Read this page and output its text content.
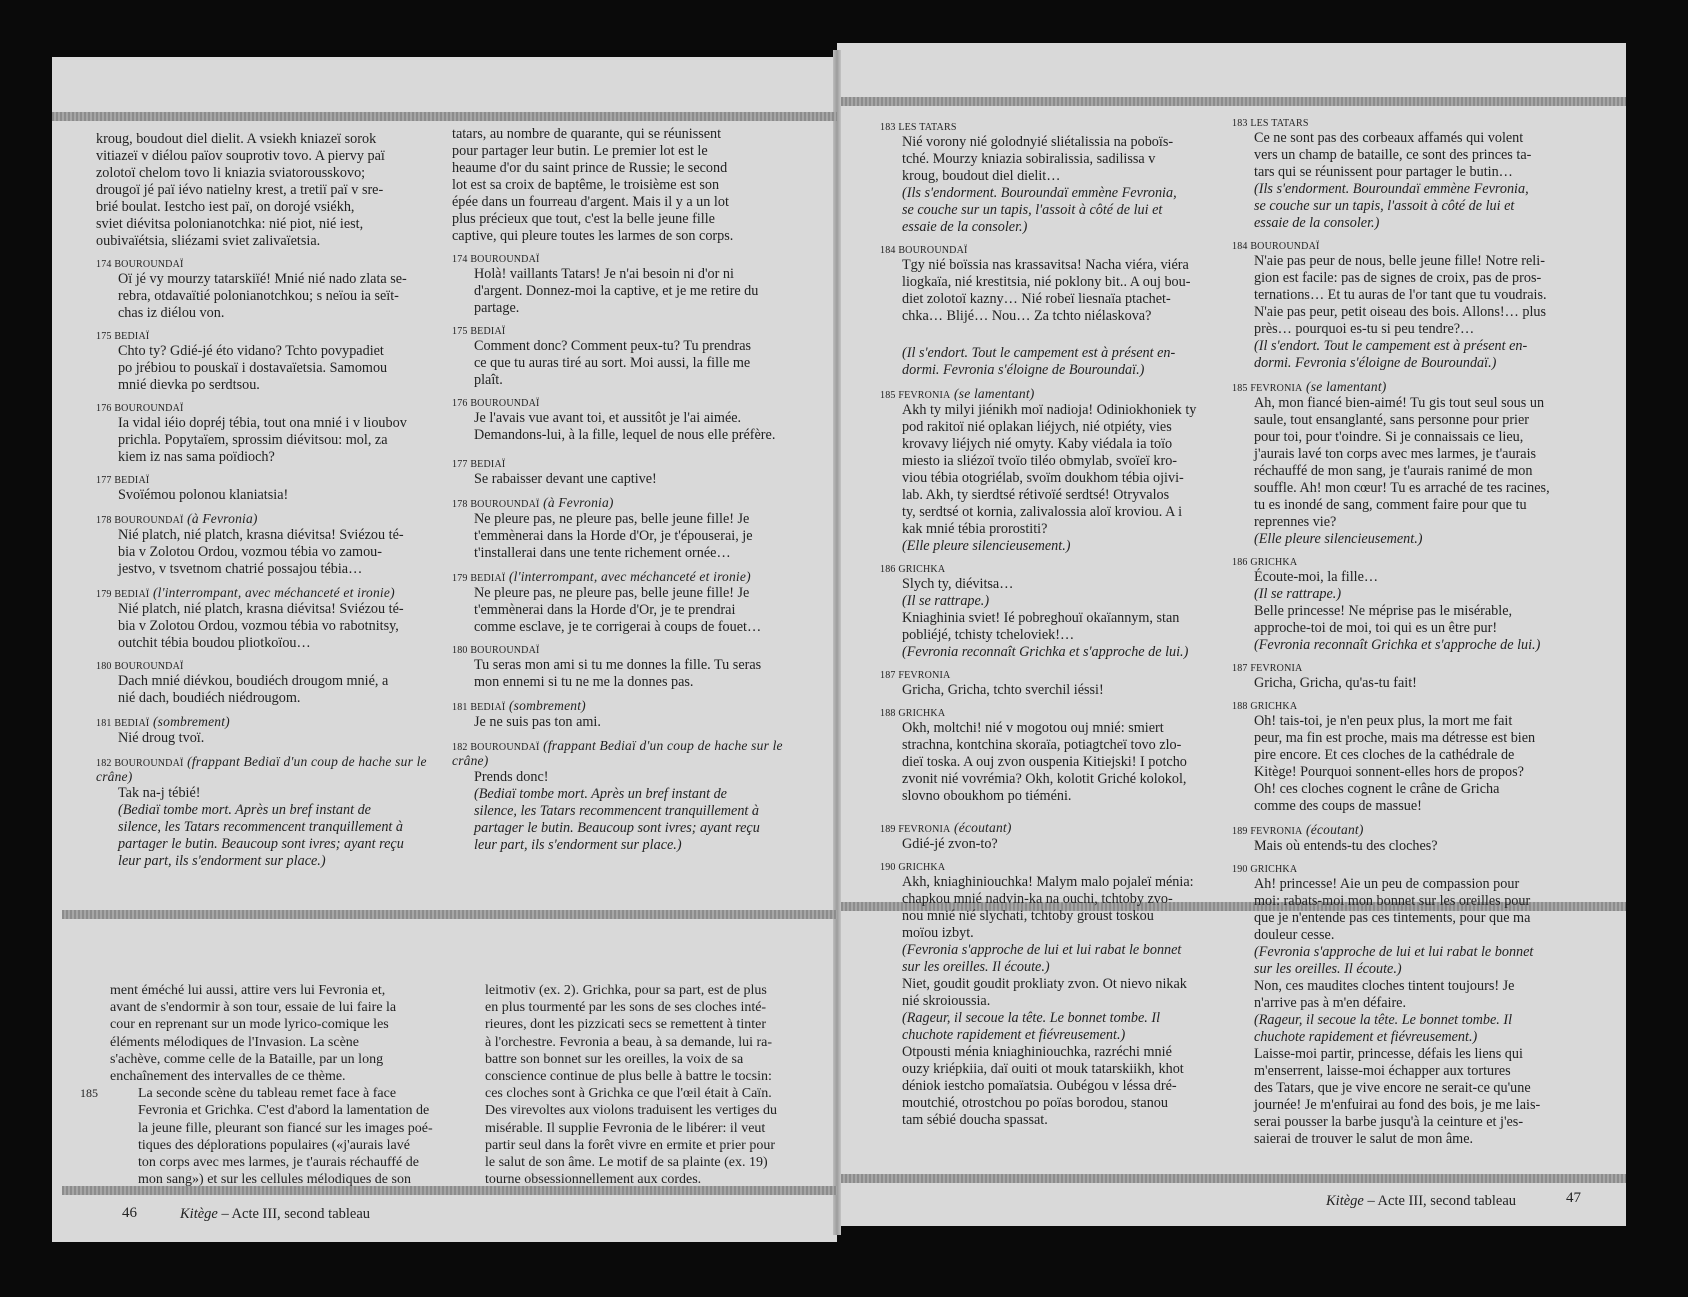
kroug, boudout diel dielit. A vsiekh kniazeï sorok
vitiazeï v diélou païov souprotiv tovo. A piervy paï
zolotoï chelom tovo li kniazia sviatorousskovo;
drougoï jé paï iévo natielny krest, a tretiï paï v sre-
brié boulat. Iestcho iest paï, on dorojé vsiékh,
sviet diévitsa polonianotchka: nié piot, nié iest,
oubivaïétsia, sliézami sviet zalivaïetsia.
174 BOUROUNDAÏ
Oï jé vy mourzy tatarskiïé! Mnié nié nado zlata se-
rebra, otdavaïtié polonianotchkou; s neïou ia seït-
chas iz diélou von.
175 BEDIAÏ
Chto ty? Gdié-jé éto vidano? Tchto povypadiet
po jrébiou to pouskaï i dostavaïetsia. Samomou
mnié dievka po serdtsou.
176 BOUROUNDAÏ
Ia vidal iéio dopréj tébia, tout ona mnié i v lioubov
prichla. Popytaïem, sprossim diévitsou: mol, za
kiem iz nas sama poïdioch?
177 BEDIAÏ
Svoïémou polonou klaniatsia!
178 BOUROUNDAÏ (à Fevronia)
Nié platch, nié platch, krasna diévitsa! Sviézou té-
bia v Zolotou Ordou, vozmou tébia vo zamou-
jestvo, v tsvetnom chatrié possajou tébia…
179 BEDIAÏ (l'interrompant, avec méchanceté et ironie)
Nié platch, nié platch, krasna diévitsa! Sviézou té-
bia v Zolotou Ordou, vozmou tébia vo rabotnitsy,
outchit tébia boudou pliotkoïou…
180 BOUROUNDAÏ
Dach mnié diévkou, boudiéch drougom mnié, a
nié dach, boudiéch niédrougom.
181 BEDIAÏ (sombrement)
Nié droug tvoï.
182 BOUROUNDAÏ (frappant Bediaï d'un coup de hache sur le crâne)
Tak na-j tébié!
(Bediaï tombe mort. Après un bref instant de
silence, les Tatars recommencent tranquillement à
partager le butin. Beaucoup sont ivres; ayant reçu
leur part, ils s'endorment sur place.)
tatars, au nombre de quarante, qui se réunissent
pour partager leur butin. Le premier lot est le
heaume d'or du saint prince de Russie; le second
lot est sa croix de baptême, le troisième est son
épée dans un fourreau d'argent. Mais il y a un lot
plus précieux que tout, c'est la belle jeune fille
captive, qui pleure toutes les larmes de son corps.
174 BOUROUNDAÏ
Holà! vaillants Tatars! Je n'ai besoin ni d'or ni
d'argent. Donnez-moi la captive, et je me retire du
partage.
175 BEDIAÏ
Comment donc? Comment peux-tu? Tu prendras
ce que tu auras tiré au sort. Moi aussi, la fille me
plaît.
176 BOUROUNDAÏ
Je l'avais vue avant toi, et aussitôt je l'ai aimée.
Demandons-lui, à la fille, lequel de nous elle préfère.
177 BEDIAÏ
Se rabaisser devant une captive!
178 BOUROUNDAÏ (à Fevronia)
Ne pleure pas, ne pleure pas, belle jeune fille! Je
t'emmènerai dans la Horde d'Or, je t'épouserai, je
t'installerai dans une tente richement ornée…
179 BEDIAÏ (l'interrompant, avec méchanceté et ironie)
Ne pleure pas, ne pleure pas, belle jeune fille! Je
t'emmènerai dans la Horde d'Or, je te prendrai
comme esclave, je te corrigerai à coups de fouet…
180 BOUROUNDAÏ
Tu seras mon ami si tu me donnes la fille. Tu seras
mon ennemi si tu ne me la donnes pas.
181 BEDIAÏ (sombrement)
Je ne suis pas ton ami.
182 BOUROUNDAÏ (frappant Bediaï d'un coup de hache sur le crâne)
Prends donc!
(Bediaï tombe mort. Après un bref instant de
silence, les Tatars recommencent tranquillement à
partager le butin. Beaucoup sont ivres; ayant reçu
leur part, ils s'endorment sur place.)
183 LES TATARS
Nié vorony nié golodnyié sliétalissia na poboïs-
tché. Mourzy kniazia sobiralissia, sadilissa v
kroug, boudout diel dielit…
(Ils s'endorment. Bouroundaï emmène Fevronia,
se couche sur un tapis, l'assoit à côté de lui et
essaie de la consoler.)
184 BOUROUNDAÏ
Tgy nié boïssia nas krassavitsa! Nacha viéra, viéra
liogkaïa, nié krestitsia, nié poklony bit.. A ouj bou-
diet zolotoï kazny… Nié robeï liesnaïa ptachet-
chka… Blijé… Nou… Za tchto niélaskova?
(Il s'endort. Tout le campement est à présent en-
dormi. Fevronia s'éloigne de Bouroundaï.)
185 FEVRONIA (se lamentant)
Akh ty milyi jiénikh moï nadioja! Odiniokhoniek ty
pod rakitoï nié oplakan liéjych, nié otpiéty, vies
krovavy liéjych nié omyty. Kaby viédala ia toïo
miesto ia sliézoï tvoïo tiléo obmylab, svoïeï kro-
viou tébia otogriélab, svoïm doukhom tébia ojivi-
lab. Akh, ty sierdtsé rétivoïé serdtsé! Otryvalos
ty, serdtsé ot kornia, zalivalossia aloï kroviou. A i
kak mnié tébia prorostiti?
(Elle pleure silencieusement.)
186 GRICHKA
Slych ty, diévitsa…
(Il se rattrape.)
Kniaghinia sviet! Ié pobreghouï okaïannym, stan
pobliéjé, tchisty tcheloviek!…
(Fevronia reconnaît Grichka et s'approche de lui.)
187 FEVRONIA
Gricha, Gricha, tchto sverchil iéssi!
188 GRICHKA
Okh, moltchi! nié v mogotou ouj mnié: smiert
strachna, kontchina skoraïa, potiagtcheï tovo zlo-
dieï toska. A ouj zvon ouspenia Kitiejski! I potcho
zvonit nié vovrémia? Okh, kolotit Griché kolokol,
slovno oboukhom po tiéméni.
189 FEVRONIA (écoutant)
Gdié-jé zvon-to?
190 GRICHKA
Akh, kniaghiniouchka! Malym malo pojaleï ménia:
chapkou mnié nadvin-ka na ouchi, tchtoby zvo-
nou mnié nié slychati, tchtoby groust toskou
moïou izbyt.
(Fevronia s'approche de lui et lui rabat le bonnet
sur les oreilles. Il écoute.)
Niet, goudit goudit prokliaty zvon. Ot nievo nikak
nié skroioussia.
(Rageur, il secoue la tête. Le bonnet tombe. Il
chuchote rapidement et fiévreusement.)
Otpousti ménia kniaghiniouchka, razréchi mnié
ouzy kriépkiia, daï ouiti ot mouk tatarskiikh, khot
déniok iestcho pomaïatsia. Oubégou v léssa dré-
moutchié, otrostchou po poïas borodou, stanou
tam sébié doucha spassat.
183 LES TATARS
Ce ne sont pas des corbeaux affamés qui volent
vers un champ de bataille, ce sont des princes ta-
tars qui se réunissent pour partager le butin…
(Ils s'endorment. Bouroundaï emmène Fevronia,
se couche sur un tapis, l'assoit à côté de lui et
essaie de la consoler.)
184 BOUROUNDAÏ
N'aie pas peur de nous, belle jeune fille! Notre reli-
gion est facile: pas de signes de croix, pas de pros-
ternations… Et tu auras de l'or tant que tu voudrais.
N'aie pas peur, petit oiseau des bois. Allons!… plus
près… pourquoi es-tu si peu tendre?…
(Il s'endort. Tout le campement est à présent en-
dormi. Fevronia s'éloigne de Bouroundaï.)
185 FEVRONIA (se lamentant)
Ah, mon fiancé bien-aimé! Tu gis tout seul sous un
saule, tout ensanglanté, sans personne pour prier
pour toi, pour t'oindre. Si je connaissais ce lieu,
j'aurais lavé ton corps avec mes larmes, je t'aurais
réchauffé de mon sang, je t'aurais ranimé de mon
souffle. Ah! mon cœur! Tu es arraché de tes racines,
tu es inondé de sang, comment faire pour que tu
reprennes vie?
(Elle pleure silencieusement.)
186 GRICHKA
Écoute-moi, la fille…
(Il se rattrape.)
Belle princesse! Ne méprise pas le misérable,
approche-toi de moi, toi qui es un être pur!
(Fevronia reconnaît Grichka et s'approche de lui.)
187 FEVRONIA
Gricha, Gricha, qu'as-tu fait!
188 GRICHKA
Oh! tais-toi, je n'en peux plus, la mort me fait
peur, ma fin est proche, mais ma détresse est bien
pire encore. Et ces cloches de la cathédrale de
Kitège! Pourquoi sonnent-elles hors de propos?
Oh! ces cloches cognent le crâne de Gricha
comme des coups de massue!
189 FEVRONIA (écoutant)
Mais où entends-tu des cloches?
190 GRICHKA
Ah! princesse! Aie un peu de compassion pour
moi: rabats-moi mon bonnet sur les oreilles pour
que je n'entende pas ces tintements, pour que ma
douleur cesse.
(Fevronia s'approche de lui et lui rabat le bonnet
sur les oreilles. Il écoute.)
Non, ces maudites cloches tintent toujours! Je
n'arrive pas à m'en défaire.
(Rageur, il secoue la tête. Le bonnet tombe. Il
chuchote rapidement et fiévreusement.)
Laisse-moi partir, princesse, défais les liens qui
m'enserrent, laisse-moi échapper aux tortures
des Tatars, que je vive encore ne serait-ce qu'une
journée! Je m'enfuirai au fond des bois, je me lais-
serai pousser la barbe jusqu'à la ceinture et j'es-
saierai de trouver le salut de mon âme.
ment éméché lui aussi, attire vers lui Fevronia et,
avant de s'endormir à son tour, essaie de lui faire la
cour en reprenant sur un mode lyrico-comique les
éléments mélodiques de l'Invasion. La scène
s'achève, comme celle de la Bataille, par un long
enchaînement des intervalles de ce thème.
185	La seconde scène du tableau remet face à face
Fevronia et Grichka. C'est d'abord la lamentation de
la jeune fille, pleurant son fiancé sur les images poé-
tiques des déplorations populaires («j'aurais lavé
ton corps avec mes larmes, je t'aurais réchauffé de
mon sang») et sur les cellules mélodiques de son
leitmotiv (ex. 2). Grichka, pour sa part, est de plus
en plus tourmenté par les sons de ses cloches inté-
rieures, dont les pizzicati secs se remettent à tinter
à l'orchestre. Fevronia a beau, à sa demande, lui ra-
battre son bonnet sur les oreilles, la voix de sa
conscience continue de plus belle à battre le tocsin:
ces cloches sont à Grichka ce que l'œil était à Caïn.
Des virevoltes aux violons traduisent les vertiges du
misérable. Il supplie Fevronia de le libérer: il veut
partir seul dans la forêt vivre en ermite et prier pour
le salut de son âme. Le motif de sa plainte (ex. 19)
tourne obsessionnellement aux cordes.
46	Kitège – Acte III, second tableau
Kitège – Acte III, second tableau	47
